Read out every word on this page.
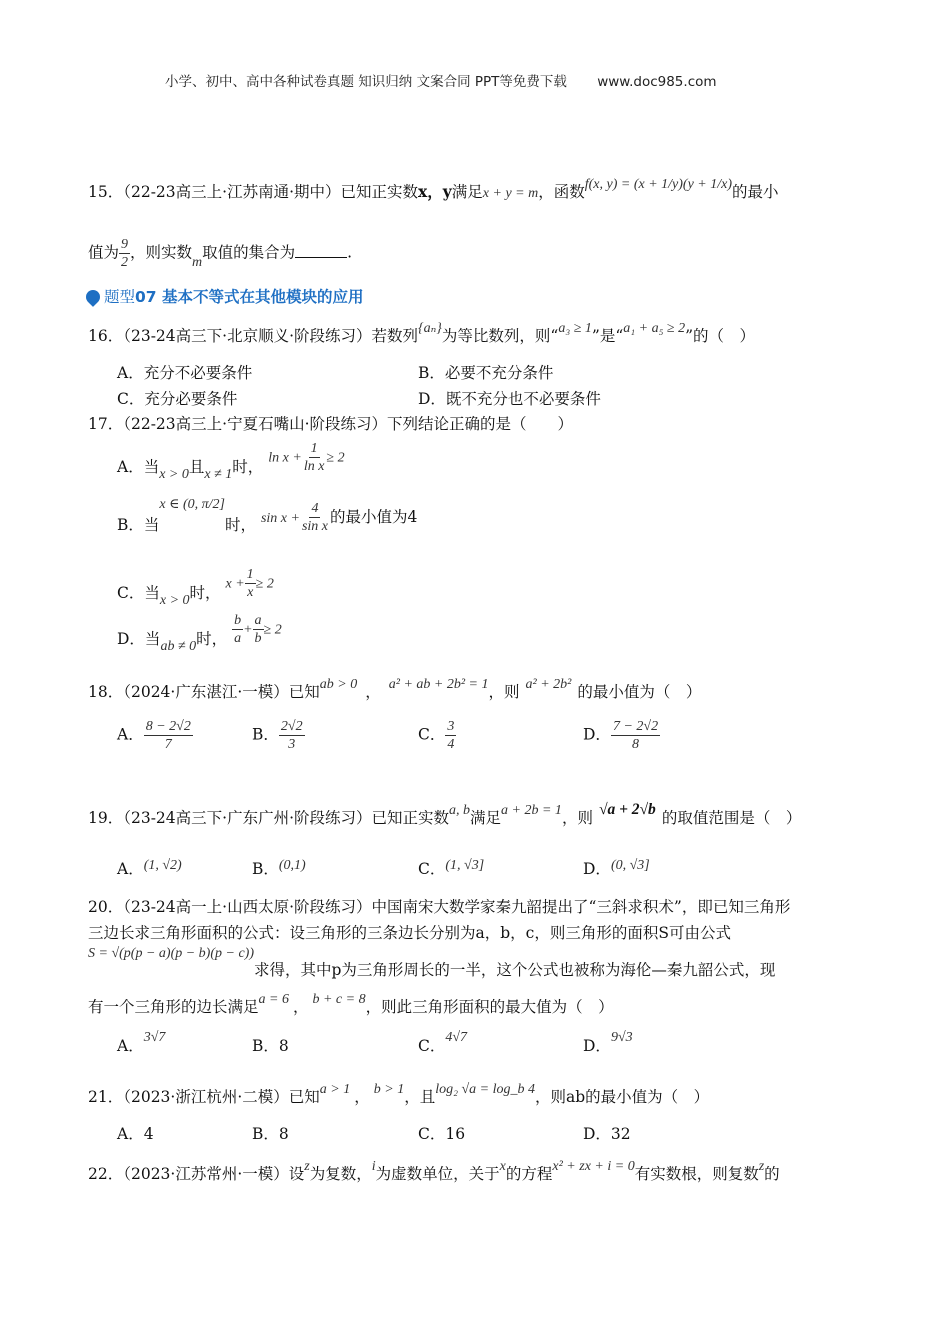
小学、初中、高中各种试卷真题 知识归纳 文案合同 PPT等免费下载 www.doc985.com
15．（22-23高三上·江苏南通·期中）已知正实数x，y满足x + y = m，函数f(x, y) = (x + 1/y)(y + 1/x)的最小
值为 $\frac{9}{2}$ ，则实数m取值的集合为	.
题型07 基本不等式在其他模块的应用
16．（23-24高三下·北京顺义·阶段练习）若数列{aₙ}为等比数列，则“a₃ ≥ 1”是“a₁ + a₅ ≥ 2”的（　）
A．充分不必要条件	B．必要不充分条件
C．充分必要条件	D．既不充分也不必要条件
17．（22-23高三上·宁夏石嘴山·阶段练习）下列结论正确的是（　　）
A．当x > 0且x ≠ 1时， $\ln x + \frac{1}{\text{ln x}} \ge 2$
B．当x ∈ (0, π/2]时， $\sin x + \frac{4}{\text{sin x}}$ 的最小值为4
C．当x > 0时， $x + \frac{1}{x} \ge 2$
D．当ab ≠ 0时， $\frac{b}{a} + \frac{a}{b} \ge 2$
18．（2024·广东湛江·一模）已知ab > 0 ， a² + ab + 2b² = 1，则 a² + 2b² 的最小值为（　）
A． $\frac{8 - 2√2}{7}$	B． $\frac{2√2}{3}$	C． $\frac{3}{4}$	D． $\frac{7 - 2√2}{8}$
19．（23-24高三下·广东广州·阶段练习）已知正实数a, b满足a + 2b = 1，则 √a + 2√b 的取值范围是（　）
A．(1, √2)	B．(0,1)	C．(1, √3]	D．(0, √3]
20．（23-24高一上·山西太原·阶段练习）中国南宋大数学家秦九韶提出了“三斜求积术”，即已知三角形
三边长求三角形面积的公式：设三角形的三条边长分别为a，b，c，则三角形的面积S可由公式
S = √(p(p − a)(p − b)(p − c))求得，其中p为三角形周长的一半，这个公式也被称为海伦—秦九韶公式，现
有一个三角形的边长满足a = 6 ， b + c = 8，则此三角形面积的最大值为（　）
A．3√7	B．8	C．4√7	D．9√3
21．（2023·浙江杭州·二模）已知a > 1 ， b > 1，且log₂ √a = log_b 4，则ab的最小值为（　）
A．4	B．8	C．16	D．32
22．（2023·江苏常州·一模）设z为复数，i为虚数单位，关于x的方程x² + zx + i = 0有实数根，则复数z的
